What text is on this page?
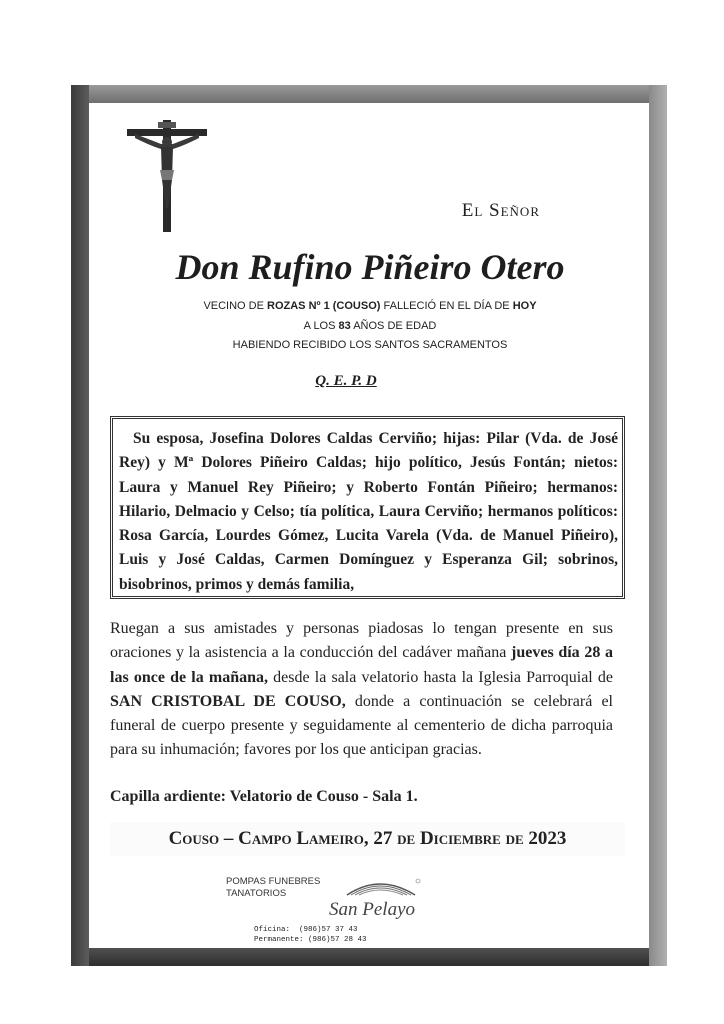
El Señor
Don Rufino Piñeiro Otero
VECINO DE ROZAS Nº 1 (COUSO) FALLECIÓ EN EL DÍA DE HOY
A LOS 83 AÑOS DE EDAD
HABIENDO RECIBIDO LOS SANTOS SACRAMENTOS
Q. E. P. D

Su esposa, Josefina Dolores Caldas Cerviño; hijas: Pilar (Vda. de José Rey) y Mª Dolores Piñeiro Caldas; hijo político, Jesús Fontán; nietos: Laura y Manuel Rey Piñeiro; y Roberto Fontán Piñeiro; hermanos: Hilario, Delmacio y Celso; tía política, Laura Cerviño; hermanos políticos: Rosa García, Lourdes Gómez, Lucita Varela (Vda. de Manuel Piñeiro), Luis y José Caldas, Carmen Domínguez y Esperanza Gil; sobrinos, bisobrinos, primos y demás familia,

Ruegan a sus amistades y personas piadosas lo tengan presente en sus oraciones y la asistencia a la conducción del cadáver mañana jueves día 28 a las once de la mañana, desde la sala velatorio hasta la Iglesia Parroquial de SAN CRISTOBAL DE COUSO, donde a continuación se celebrará el funeral de cuerpo presente y seguidamente al cementerio de dicha parroquia para su inhumación; favores por los que anticipan gracias.
Capilla ardiente: Velatorio de Couso - Sala 1.
Couso – Campo Lameiro, 27 de Diciembre de 2023
POMPAS FUNEBRES
TANATORIOS
San Pelayo
Oficina: (986)57 37 43
Permanente: (986)57 28 43
